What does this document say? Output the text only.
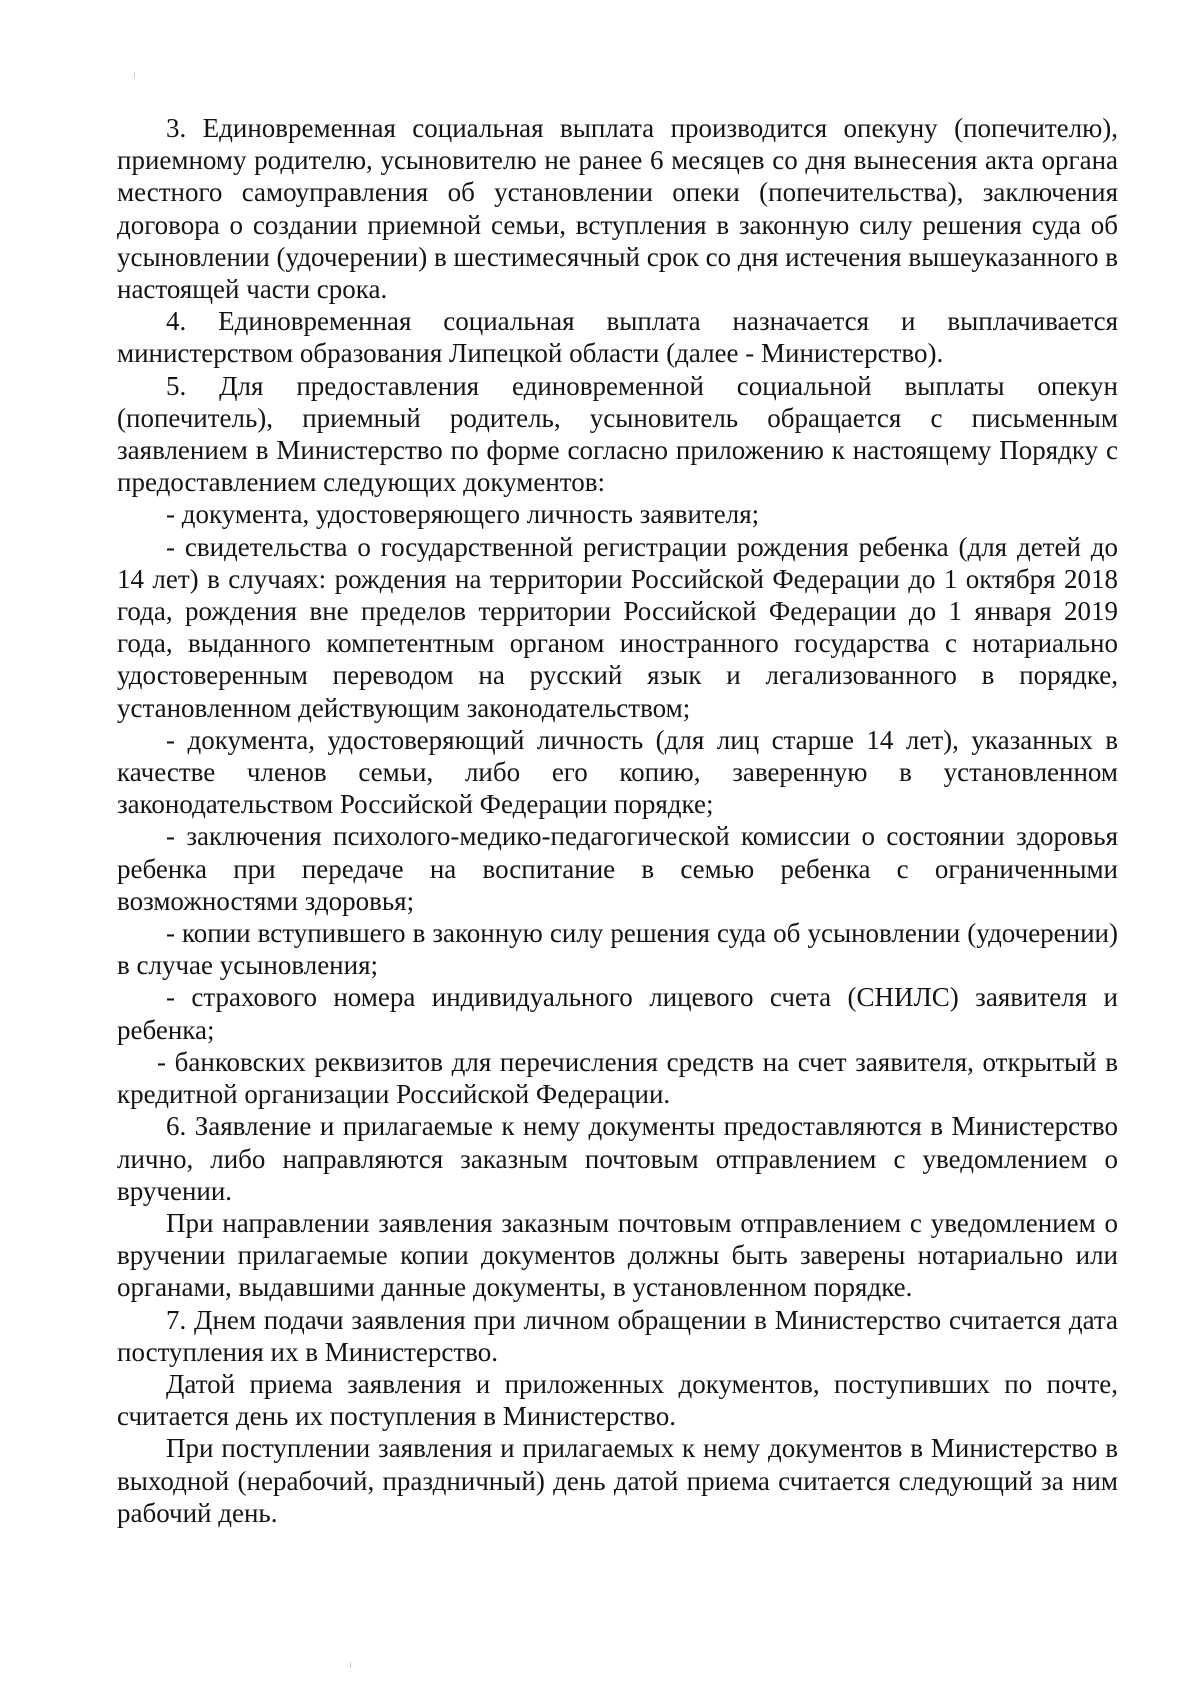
3. Единовременная социальная выплата производится опекуну (попечителю), приемному родителю, усыновителю не ранее 6 месяцев со дня вынесения акта органа местного самоуправления об установлении опеки (попечительства), заключения договора о создании приемной семьи, вступления в законную силу решения суда об усыновлении (удочерении) в шестимесячный срок со дня истечения вышеуказанного в настоящей части срока.

4. Единовременная социальная выплата назначается и выплачивается министерством образования Липецкой области (далее - Министерство).

5. Для предоставления единовременной социальной выплаты опекун (попечитель), приемный родитель, усыновитель обращается с письменным заявлением в Министерство по форме согласно приложению к настоящему Порядку с предоставлением следующих документов:

- документа, удостоверяющего личность заявителя;

- свидетельства о государственной регистрации рождения ребенка (для детей до 14 лет) в случаях: рождения на территории Российской Федерации до 1 октября 2018 года, рождения вне пределов территории Российской Федерации до 1 января 2019 года, выданного компетентным органом иностранного государства с нотариально удостоверенным переводом на русский язык и легализованного в порядке, установленном действующим законодательством;

- документа, удостоверяющий личность (для лиц старше 14 лет), указанных в качестве членов семьи, либо его копию, заверенную в установленном законодательством Российской Федерации порядке;

- заключения психолого-медико-педагогической комиссии о состоянии здоровья ребенка при передаче на воспитание в семью ребенка с ограниченными возможностями здоровья;

- копии вступившего в законную силу решения суда об усыновлении (удочерении) в случае усыновления;

- страхового номера индивидуального лицевого счета (СНИЛС) заявителя и ребенка;

- банковских реквизитов для перечисления средств на счет заявителя, открытый в кредитной организации Российской Федерации.

6. Заявление и прилагаемые к нему документы предоставляются в Министерство лично, либо направляются заказным почтовым отправлением с уведомлением о вручении.

При направлении заявления заказным почтовым отправлением с уведомлением о вручении прилагаемые копии документов должны быть заверены нотариально или органами, выдавшими данные документы, в установленном порядке.

7. Днем подачи заявления при личном обращении в Министерство считается дата поступления их в Министерство.

Датой приема заявления и приложенных документов, поступивших по почте, считается день их поступления в Министерство.

При поступлении заявления и прилагаемых к нему документов в Министерство в выходной (нерабочий, праздничный) день датой приема считается следующий за ним рабочий день.
